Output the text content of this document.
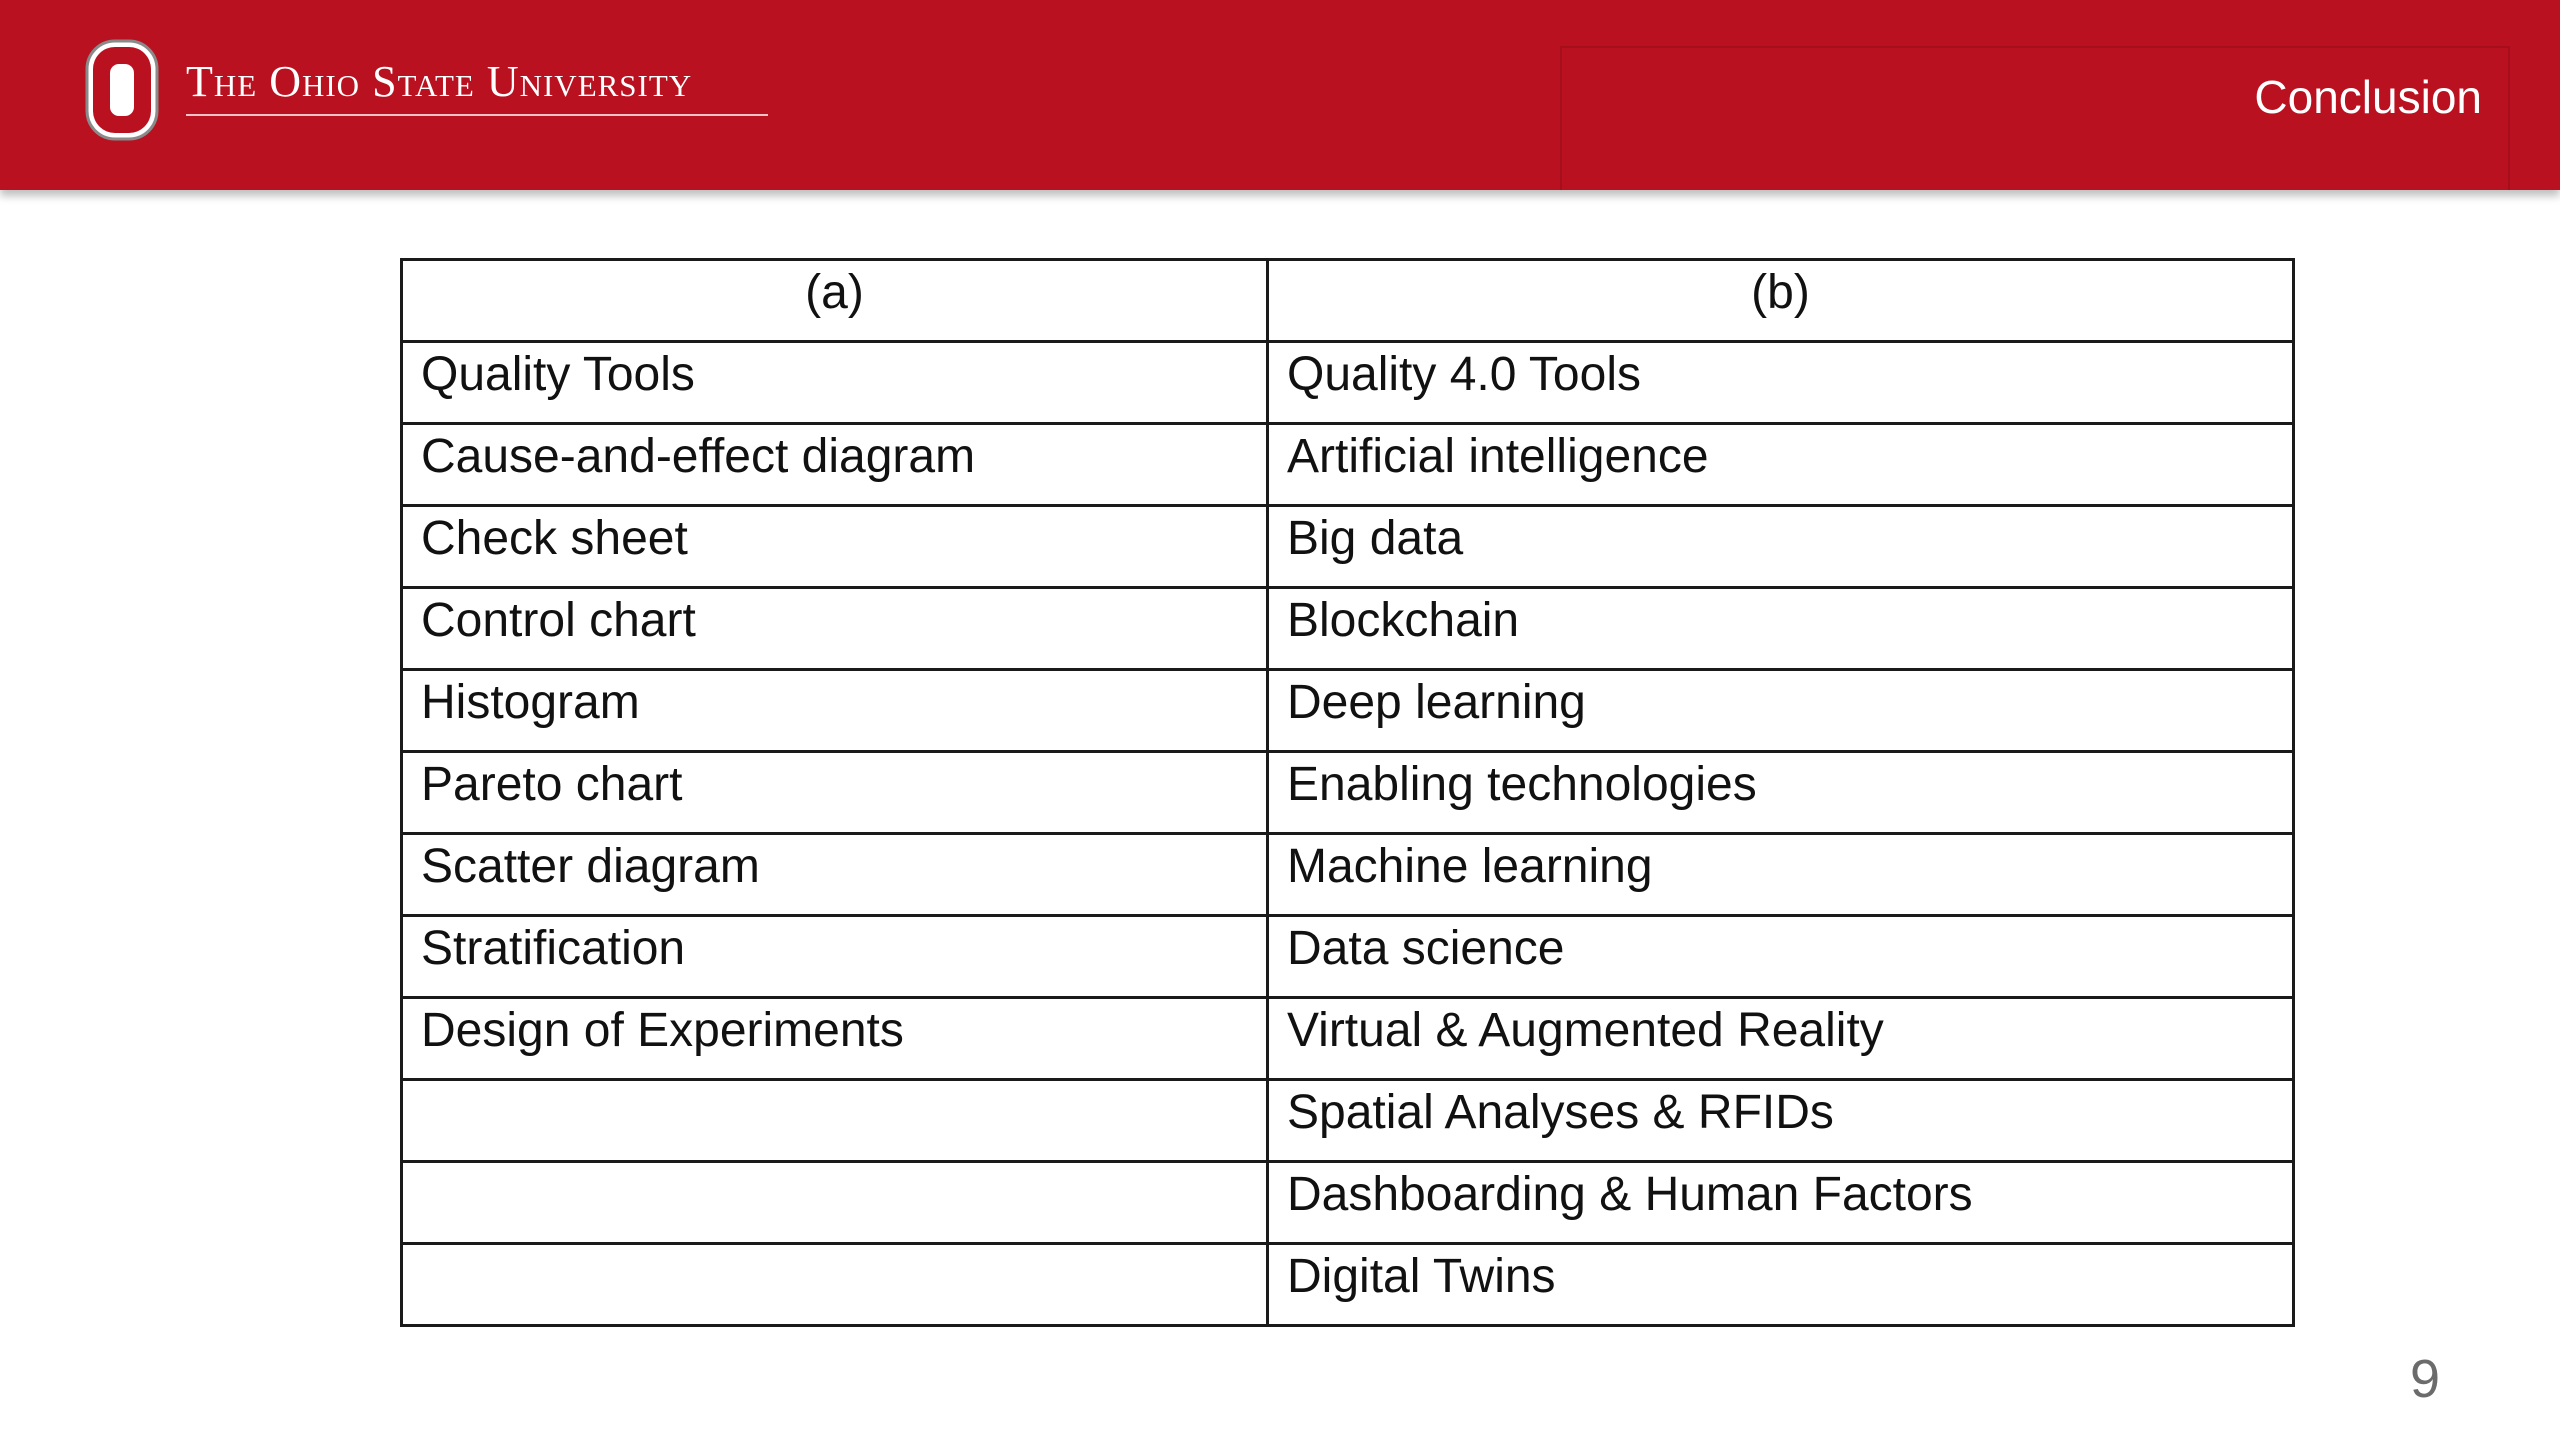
The Ohio State University	Conclusion
(a)	(b)
Quality Tools	Quality 4.0 Tools
Cause-and-effect diagram	Artificial intelligence
Check sheet	Big data
Control chart	Blockchain
Histogram	Deep learning
Pareto chart	Enabling technologies
Scatter diagram	Machine learning
Stratification	Data science
Design of Experiments	Virtual & Augmented Reality
	Spatial Analyses & RFIDs
	Dashboarding & Human Factors
	Digital Twins
9
